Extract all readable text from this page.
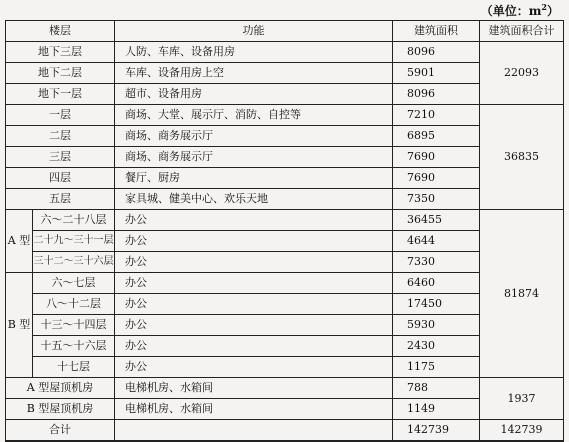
（单位：$m^2$）
楼层		功能	建筑面积	建筑面积合计
地下三层		人防、车库、设备用房	8096	22093
地下二层		车库、设备用房上空	5901	
地下一层		超市、设备用房	8096	
一层		商场、大堂、展示厅、消防、自控等	7210	36835
二层		商场、商务展示厅	6895	
三层		商场、商务展示厅	7690	
四层		餐厅、厨房	7690	
五层		家具城、健美中心、欢乐天地	7350	
A 型	六～二十八层	办公	36455	81874
	二十九～三十一层	办公	4644	
	三十二～三十六层	办公	7330	
B 型	六～七层	办公	6460	
	八～十二层	办公	17450	
	十三～十四层	办公	5930	
	十五～十六层	办公	2430	
	十七层	办公	1175	
A 型屋顶机房		电梯机房、水箱间	788	1937
B 型屋顶机房		电梯机房、水箱间	1149	
合计			142739	142739
